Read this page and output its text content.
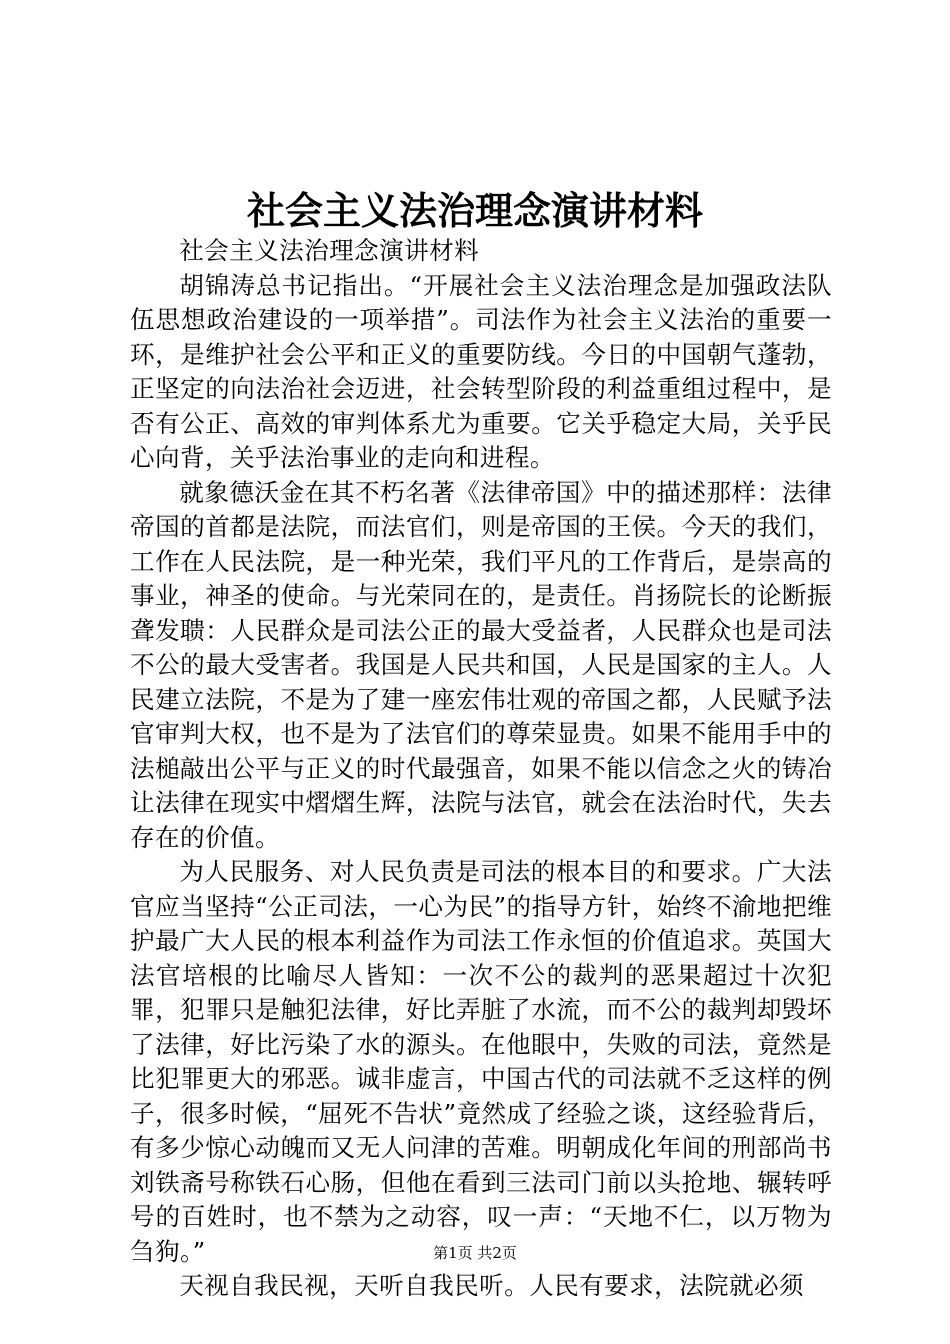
社会主义法治理念演讲材料

社会主义法治理念演讲材料

胡锦涛总书记指出。“开展社会主义法治理念是加强政法队伍思想政治建设的一项举措”。司法作为社会主义法治的重要一环，是维护社会公平和正义的重要防线。今日的中国朝气蓬勃，正坚定的向法治社会迈进，社会转型阶段的利益重组过程中，是否有公正、高效的审判体系尤为重要。它关乎稳定大局，关乎民心向背，关乎法治事业的走向和进程。

就象德沃金在其不朽名著《法律帝国》中的描述那样：法律帝国的首都是法院，而法官们，则是帝国的王侯。今天的我们，工作在人民法院，是一种光荣，我们平凡的工作背后，是崇高的事业，神圣的使命。与光荣同在的，是责任。肖扬院长的论断振聋发聩：人民群众是司法公正的最大受益者，人民群众也是司法不公的最大受害者。我国是人民共和国，人民是国家的主人。人民建立法院，不是为了建一座宏伟壮观的帝国之都，人民赋予法官审判大权，也不是为了法官们的尊荣显贵。如果不能用手中的法槌敲出公平与正义的时代最强音，如果不能以信念之火的铸冶让法律在现实中熠熠生辉，法院与法官，就会在法治时代，失去存在的价值。

为人民服务、对人民负责是司法的根本目的和要求。广大法官应当坚持“公正司法，一心为民”的指导方针，始终不渝地把维护最广大人民的根本利益作为司法工作永恒的价值追求。英国大法官培根的比喻尽人皆知：一次不公的裁判的恶果超过十次犯罪，犯罪只是触犯法律，好比弄脏了水流，而不公的裁判却毁坏了法律，好比污染了水的源头。在他眼中，失败的司法，竟然是比犯罪更大的邪恶。诚非虚言，中国古代的司法就不乏这样的例子，很多时候，“屈死不告状”竟然成了经验之谈，这经验背后，有多少惊心动魄而又无人问津的苦难。明朝成化年间的刑部尚书刘铁斋号称铁石心肠，但他在看到三法司门前以头抢地、辗转呼号的百姓时，也不禁为之动容，叹一声：“天地不仁，以万物为刍狗。”

天视自我民视，天听自我民听。人民有要求，法院就必须

第1页 共2页
